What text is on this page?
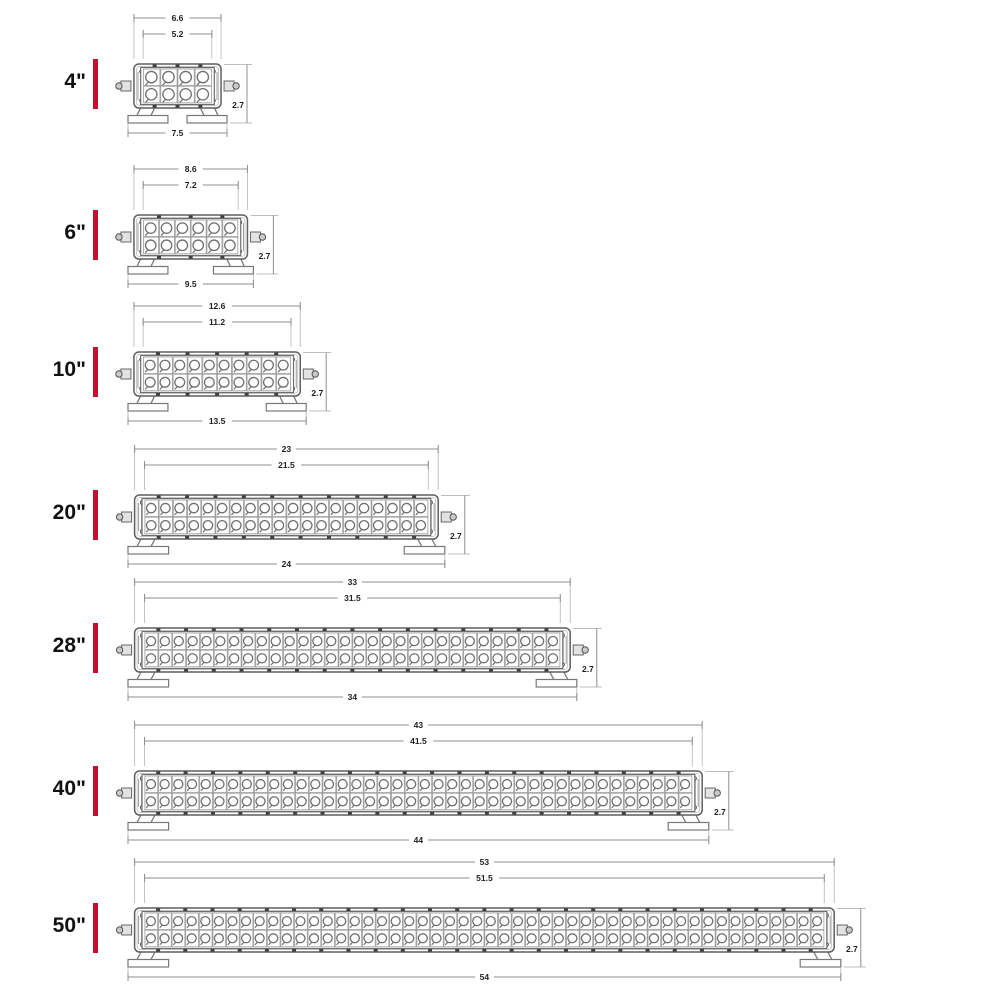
4"
6.6
5.2
2.7
7.5
6"
8.6
7.2
2.7
9.5
10"
12.6
11.2
2.7
13.5
20"
23
21.5
2.7
24
28"
33
31.5
2.7
34
40"
43
41.5
2.7
44
50"
53
51.5
2.7
54
